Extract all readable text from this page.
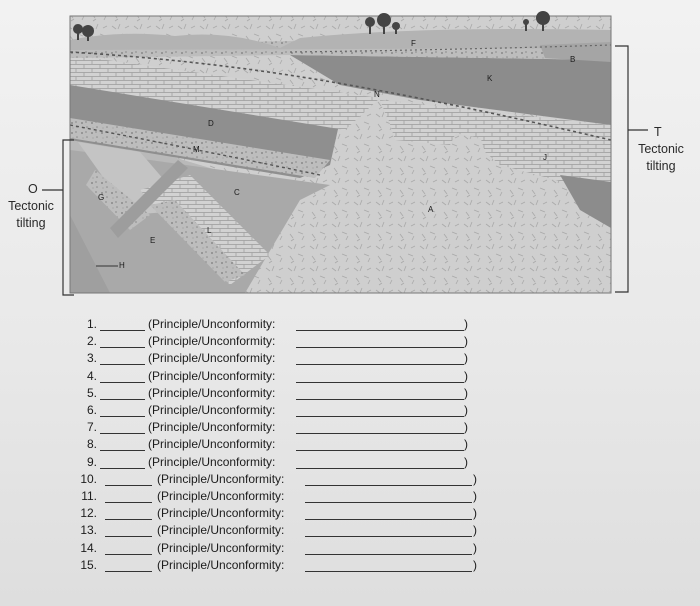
A
B
C
D
E
F
G
H
J
K
L
M
N
O
Tectonic
tilting
T
Tectonic
tilting
1.	(Principle/Unconformity:	)
2.	(Principle/Unconformity:	)
3.	(Principle/Unconformity:	)
4.	(Principle/Unconformity:	)
5.	(Principle/Unconformity:	)
6.	(Principle/Unconformity:	)
7.	(Principle/Unconformity:	)
8.	(Principle/Unconformity:	)
9.	(Principle/Unconformity:	)
10.	(Principle/Unconformity:	)
11.	(Principle/Unconformity:	)
12.	(Principle/Unconformity:	)
13.	(Principle/Unconformity:	)
14.	(Principle/Unconformity:	)
15.	(Principle/Unconformity:	)
